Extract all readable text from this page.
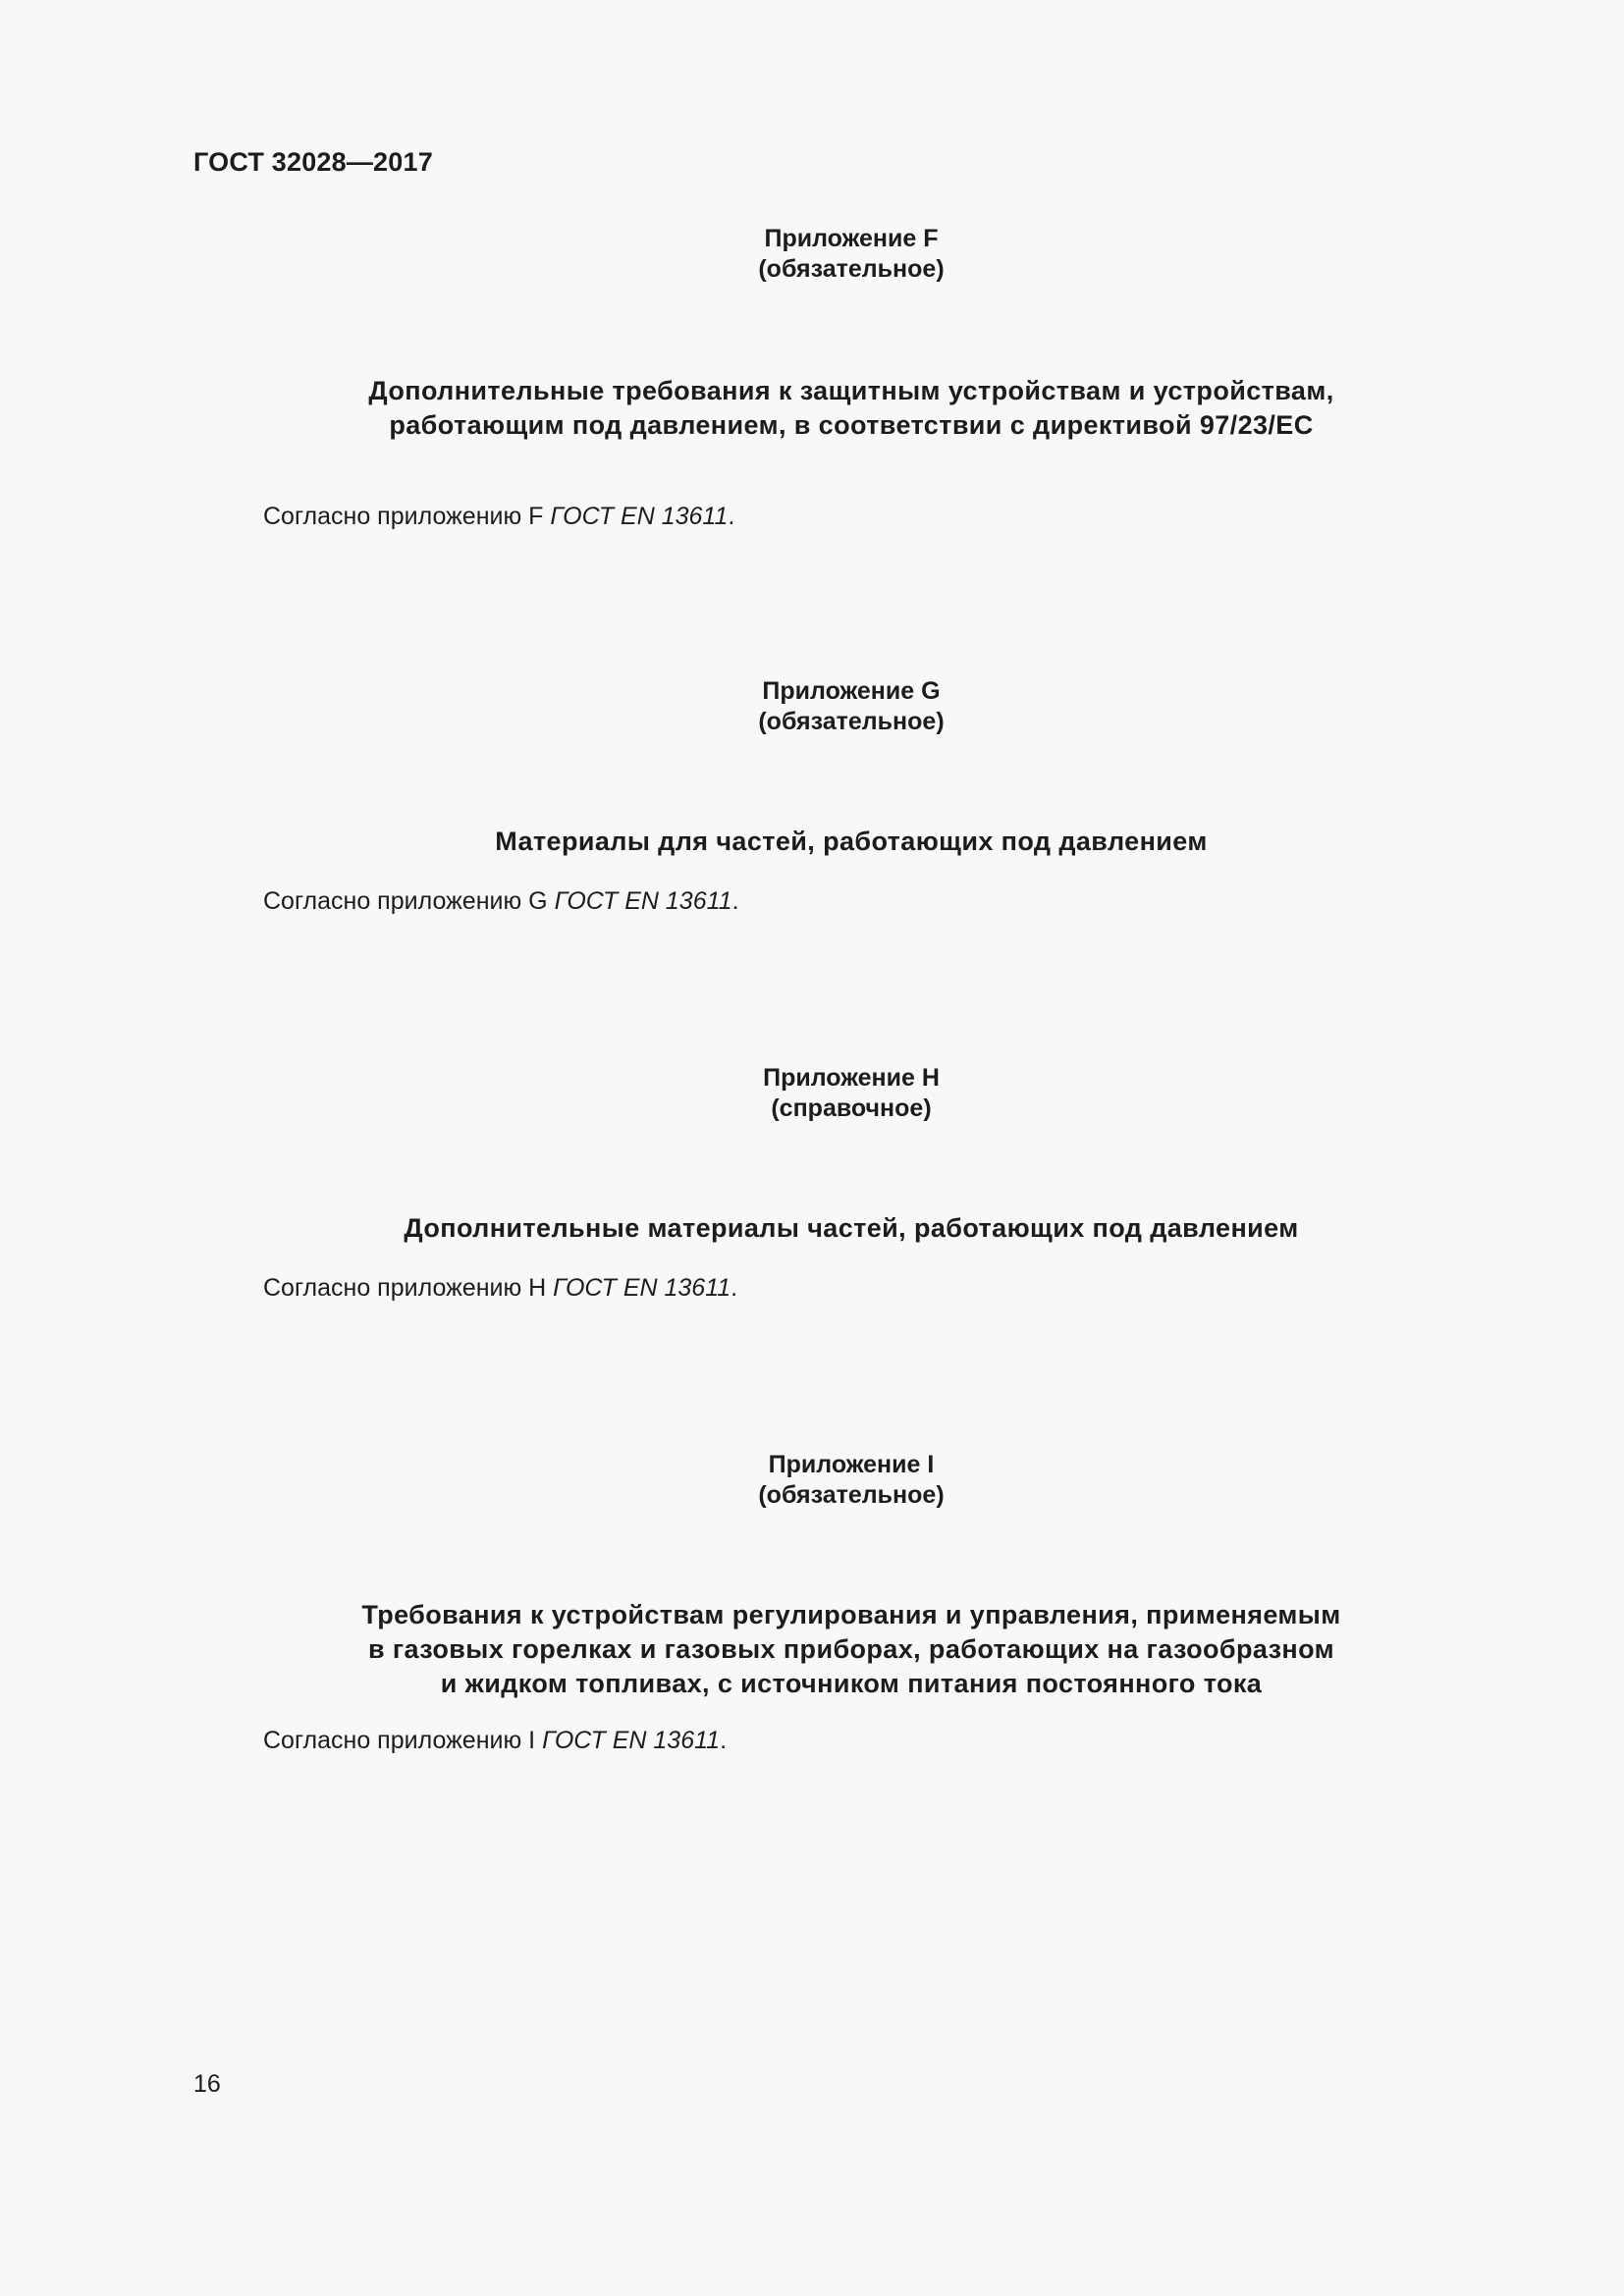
ГОСТ 32028—2017
Приложение F
(обязательное)
Дополнительные требования к защитным устройствам и устройствам,
работающим под давлением, в соответствии с директивой 97/23/ЕС
Согласно приложению F ГОСТ EN 13611.
Приложение G
(обязательное)
Материалы для частей, работающих под давлением
Согласно приложению G ГОСТ EN 13611.
Приложение H
(справочное)
Дополнительные материалы частей, работающих под давлением
Согласно приложению H ГОСТ EN 13611.
Приложение I
(обязательное)
Требования к устройствам регулирования и управления, применяемым
в газовых горелках и газовых приборах, работающих на газообразном
и жидком топливах, с источником питания постоянного тока
Согласно приложению I ГОСТ EN 13611.
16
